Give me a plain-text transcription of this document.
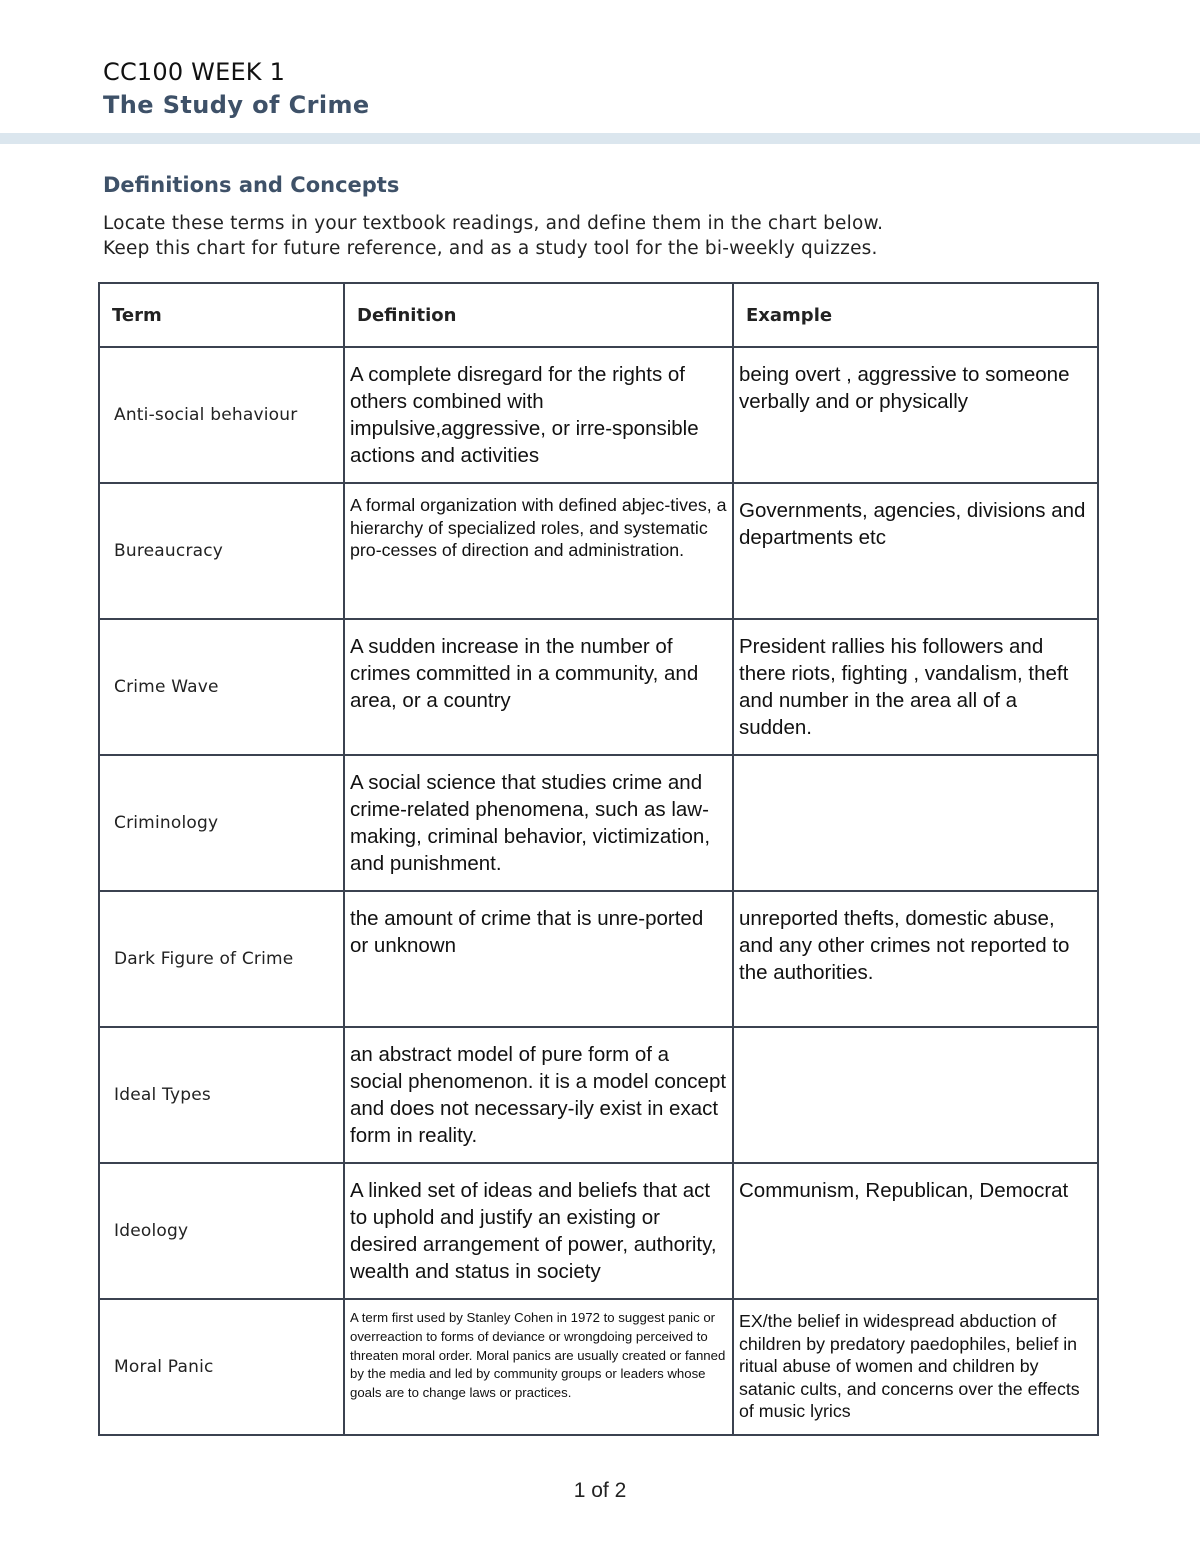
CC100 WEEK 1
The Study of Crime
Definitions and Concepts
Locate these terms in your textbook readings, and define them in the chart below.
Keep this chart for future reference, and as a study tool for the bi-weekly quizzes.
Term	Definition	Example
Anti-social behaviour	A complete disregard for the rights of others combined with impulsive,aggressive, or irre-sponsible actions and activities	being overt , aggressive to someone verbally and or physically

Bureaucracy	A formal organization with defined abjec-tives, a hierarchy of specialized roles, and systematic pro-cesses of direction and administration.	Governments, agencies, divisions and departments etc

Crime Wave	A sudden increase in the number of crimes committed in a community, and area, or a country	President rallies his followers and there riots, fighting , vandalism, theft and number in the area all of a sudden.

Criminology	A social science that studies crime and crime-related phenomena, such as law-making, criminal behavior, victimization, and punishment.	

Dark Figure of Crime	the amount of crime that is unre-ported or unknown	unreported thefts, domestic abuse, and any other crimes not reported to the authorities.

Ideal Types	an abstract model of pure form of a social phenomenon. it is a model concept and does not necessary-ily exist in exact form in reality.	

Ideology	A linked set of ideas and beliefs that act to uphold and justify an existing or desired arrangement of power, authority, wealth and status in society	Communism, Republican, Democrat

Moral Panic	A term first used by Stanley Cohen in 1972 to suggest panic or overreaction to forms of deviance or wrongdoing perceived to threaten moral order. Moral panics are usually created or fanned by the media and led by community groups or leaders whose goals are to change laws or practices.	EX/the belief in widespread abduction of children by predatory paedophiles, belief in ritual abuse of women and children by satanic cults, and concerns over the effects of music lyrics
1 of 2
